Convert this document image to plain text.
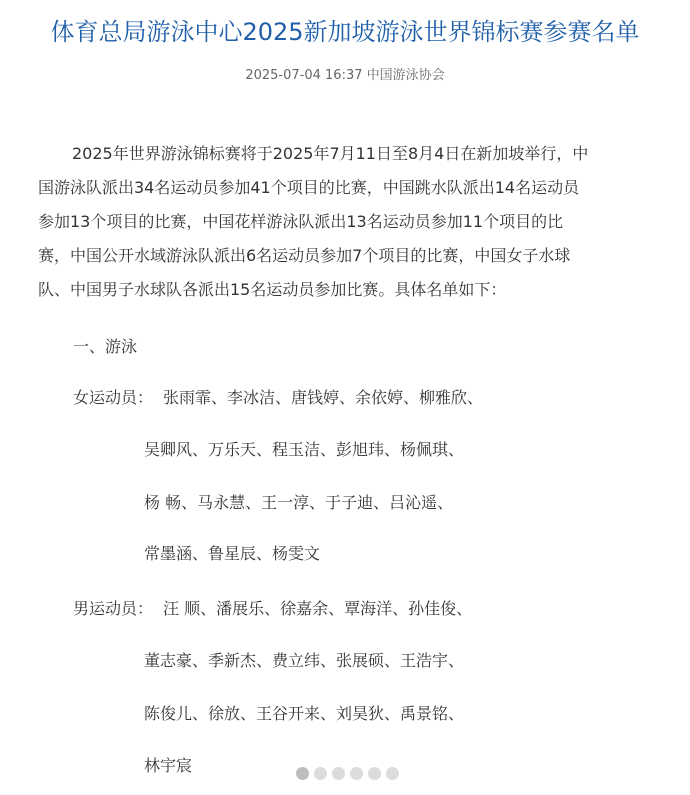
体育总局游泳中心2025新加坡游泳世界锦标赛参赛名单
2025-07-04 16:37 中国游泳协会
2025年世界游泳锦标赛将于2025年7月11日至8月4日在新加坡举行，中
国游泳队派出34名运动员参加41个项目的比赛，中国跳水队派出14名运动员
参加13个项目的比赛，中国花样游泳队派出13名运动员参加11个项目的比
赛，中国公开水域游泳队派出6名运动员参加7个项目的比赛，中国女子水球
队、中国男子水球队各派出15名运动员参加比赛。具体名单如下：
一、游泳
女运动员： 张雨霏、李冰洁、唐钱婷、余依婷、柳雅欣、
吴卿风、万乐天、程玉洁、彭旭玮、杨佩琪、
杨 畅、马永慧、王一淳、于子迪、吕沁遥、
常墨涵、鲁星辰、杨雯文
男运动员： 汪 顺、潘展乐、徐嘉余、覃海洋、孙佳俊、
董志豪、季新杰、费立纬、张展硕、王浩宇、
陈俊儿、徐放、王谷开来、刘昊狄、禹景铭、
林宇宸
